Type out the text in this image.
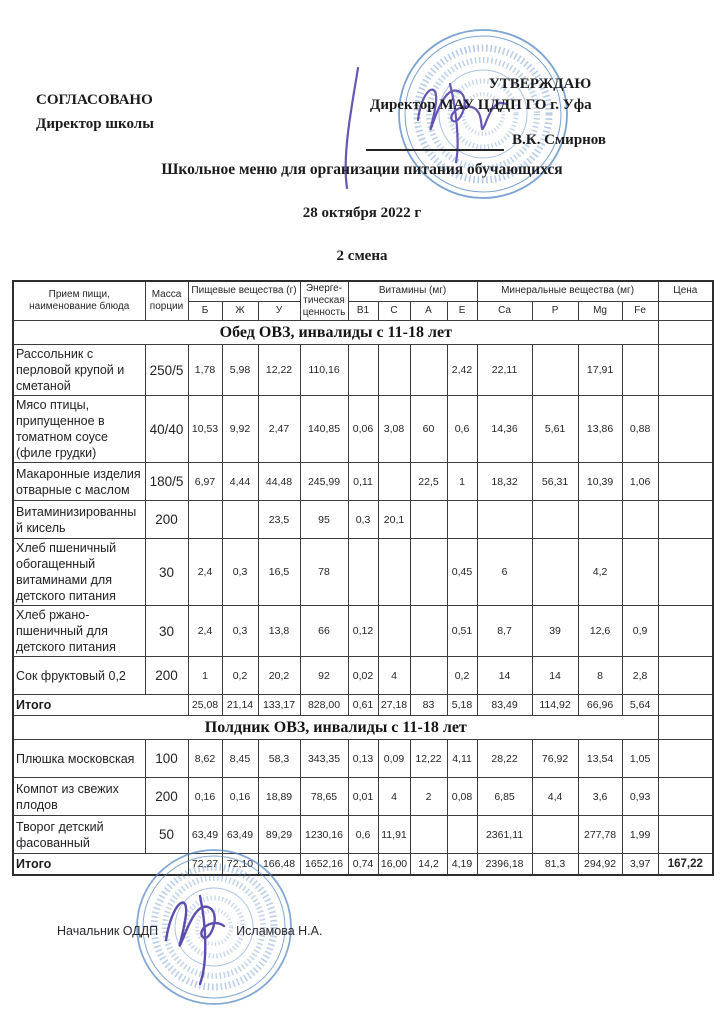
СОГЛАСОВАНО
Директор школы
УТВЕРЖДАЮ
Директор МАУ ЦДДП ГО г. Уфа
В.К. Смирнов
Школьное меню для организации питания обучающихся
28 октября 2022 г
2 смена
Прием пищи, наименование блюда	Масса порции	Пищевые вещества (г)			Энерге- тическая ценность	Витамины (мг)				Минеральные вещества (мг)				Цена
		Б	Ж	У		B1	C	A	E	Ca	P	Mg	Fe	
Обед ОВЗ, инвалиды с 11-18 лет														
Рассольник с перловой крупой и сметаной	250/5	1,78	5,98	12,22	110,16				2,42	22,11		17,91		
Мясо птицы, припущенное в томатном соусе (филе грудки)	40/40	10,53	9,92	2,47	140,85	0,06	3,08	60	0,6	14,36	5,61	13,86	0,88	
Макаронные изделия отварные с маслом	180/5	6,97	4,44	44,48	245,99	0,11		22,5	1	18,32	56,31	10,39	1,06	
Витаминизированный кисель	200			23,5	95	0,3	20,1							
Хлеб пшеничный обогащенный витаминами для детского питания	30	2,4	0,3	16,5	78				0,45	6		4,2		
Хлеб ржано-пшеничный для детского питания	30	2,4	0,3	13,8	66	0,12			0,51	8,7	39	12,6	0,9	
Сок фруктовый 0,2	200	1	0,2	20,2	92	0,02	4		0,2	14	14	8	2,8	
Итого		25,08	21,14	133,17	828,00	0,61	27,18	83	5,18	83,49	114,92	66,96	5,64	
Полдник ОВЗ, инвалиды с 11-18 лет														
Плюшка московская	100	8,62	8,45	58,3	343,35	0,13	0,09	12,22	4,11	28,22	76,92	13,54	1,05	
Компот из свежих плодов	200	0,16	0,16	18,89	78,65	0,01	4	2	0,08	6,85	4,4	3,6	0,93	
Творог детский фасованный	50	63,49	63,49	89,29	1230,16	0,6	11,91			2361,11		277,78	1,99	
Итого		72,27	72,10	166,48	1652,16	0,74	16,00	14,2	4,19	2396,18	81,3	294,92	3,97	167,22
Начальник ОДДП	Исламова Н.А.
